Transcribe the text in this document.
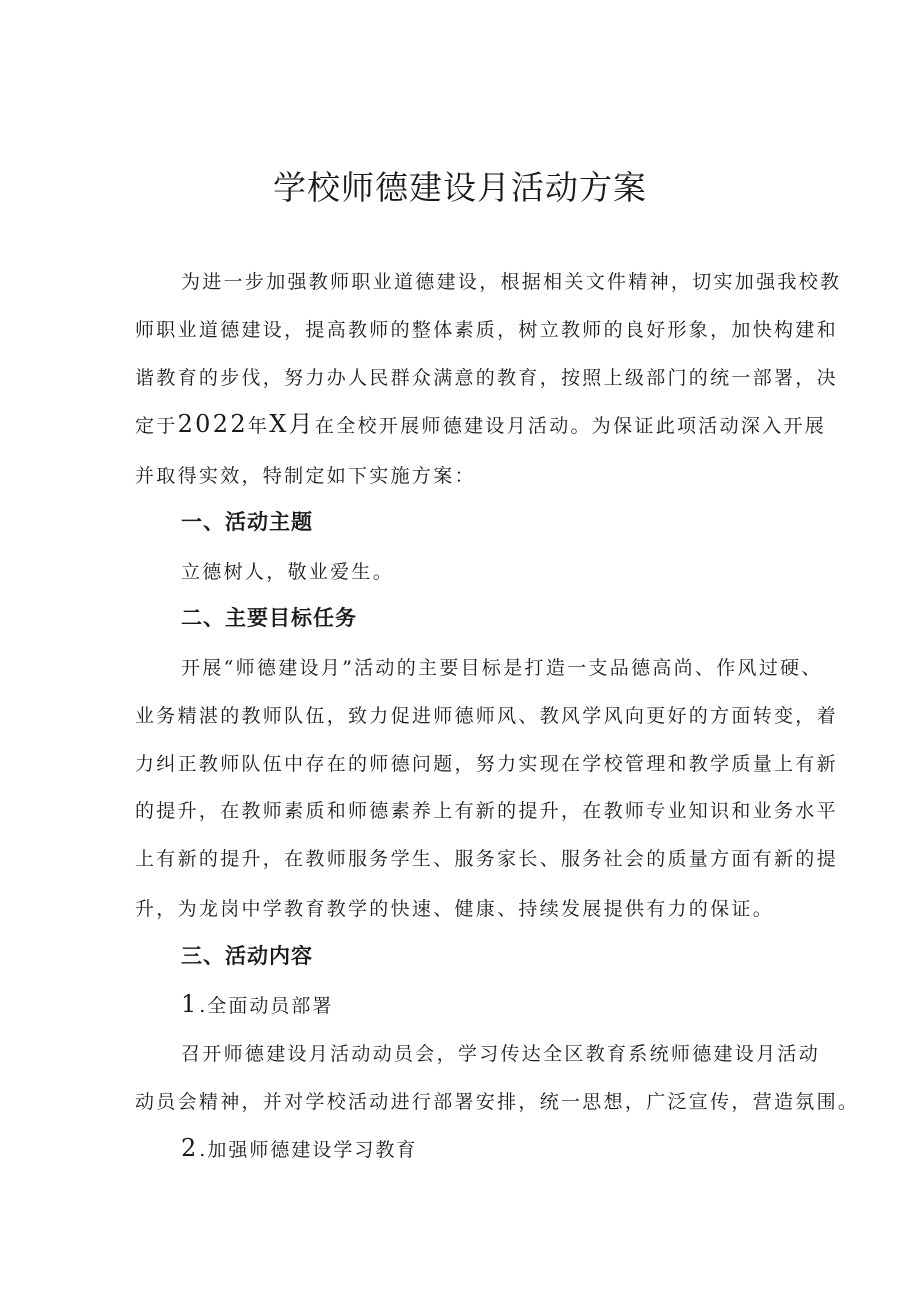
学校师德建设月活动方案
为进一步加强教师职业道德建设，根据相关文件精神，切实加强我校教
师职业道德建设，提高教师的整体素质，树立教师的良好形象，加快构建和
谐教育的步伐，努力办人民群众满意的教育，按照上级部门的统一部署，决
定于2022年X月在全校开展师德建设月活动。为保证此项活动深入开展
并取得实效，特制定如下实施方案：
一、活动主题
立德树人，敬业爱生。
二、主要目标任务
开展“师德建设月”活动的主要目标是打造一支品德高尚、作风过硬、
业务精湛的教师队伍，致力促进师德师风、教风学风向更好的方面转变，着
力纠正教师队伍中存在的师德问题，努力实现在学校管理和教学质量上有新
的提升，在教师素质和师德素养上有新的提升，在教师专业知识和业务水平
上有新的提升，在教师服务学生、服务家长、服务社会的质量方面有新的提
升，为龙岗中学教育教学的快速、健康、持续发展提供有力的保证。
三、活动内容
1.全面动员部署
召开师德建设月活动动员会，学习传达全区教育系统师德建设月活动
动员会精神，并对学校活动进行部署安排，统一思想，广泛宣传，营造氛围。
2.加强师德建设学习教育
